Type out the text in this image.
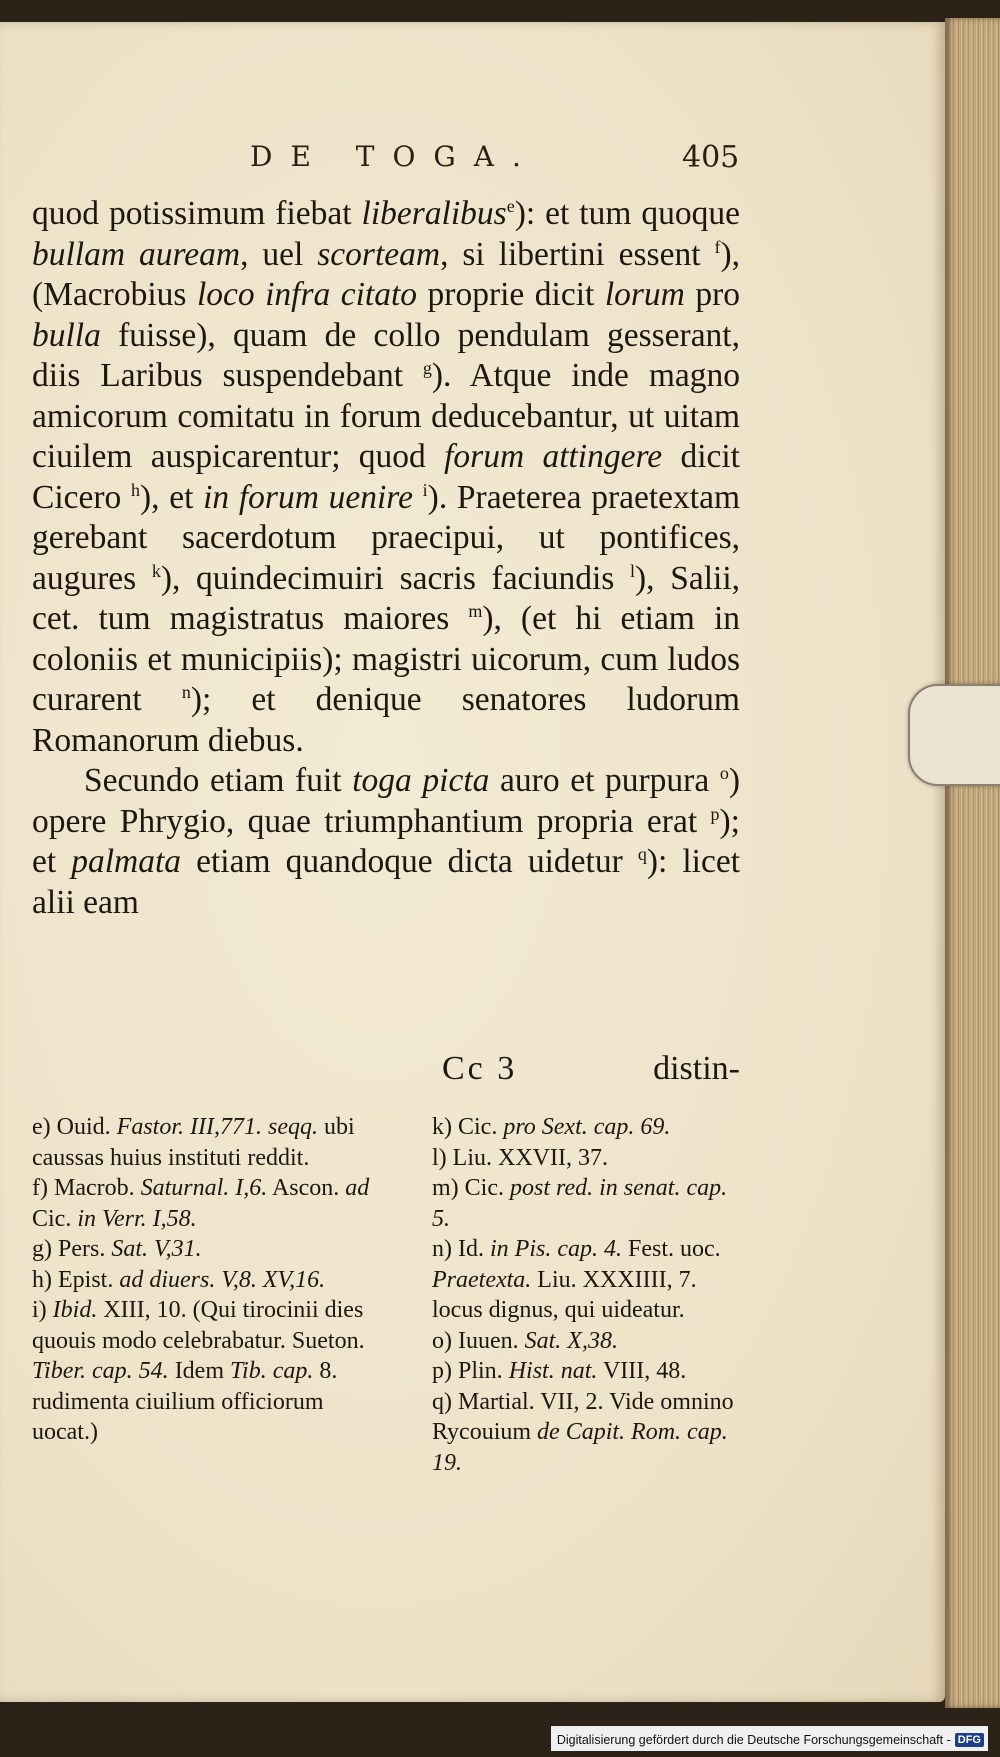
DE TOGA.	405

quod potissimum fiebat liberalibus$^e$): et tum quoque bullam auream, uel scorteam, si libertini essent $^f$), (Macrobius loco infra citato proprie dicit lorum pro bulla fuisse), quam de collo pendulam gesserant, diis Laribus suspendebant $^g$). Atque inde magno amicorum comitatu in forum deducebantur, ut uitam ciuilem auspicarentur; quod forum attingere dicit Cicero $^h$), et in forum uenire $^i$). Praeterea praetextam gerebant sacerdotum praecipui, ut pontifices, augures $^k$), quindecimuiri sacris faciundis $^l$), Salii, cet. tum magistratus maiores $^m$), (et hi etiam in coloniis et municipiis); magistri uicorum, cum ludos curarent $^n$); et denique senatores ludorum Romanorum diebus.

Secundo etiam fuit toga picta auro et purpura $^o$) opere Phrygio, quae triumphantium propria erat $^p$); et palmata etiam quandoque dicta uidetur $^q$): licet alii eam

Cc 3	distin-

e) Ouid. Fastor. III,771. seqq. ubi caussas huius instituti reddit.

f) Macrob. Saturnal. I,6. Ascon. ad Cic. in Verr. I,58.

g) Pers. Sat. V,31.

h) Epist. ad diuers. V,8. XV,16.

i) Ibid. XIII, 10. (Qui tirocinii dies quouis modo celebrabatur. Sueton. Tiber. cap. 54. Idem Tib. cap. 8. rudimenta ciuilium officiorum uocat.)

k) Cic. pro Sext. cap. 69.

l) Liu. XXVII, 37.

m) Cic. post red. in senat. cap. 5.

n) Id. in Pis. cap. 4. Fest. uoc. Praetexta. Liu. XXXIIII, 7. locus dignus, qui uideatur.

o) Iuuen. Sat. X,38.

p) Plin. Hist. nat. VIII, 48.

q) Martial. VII, 2. Vide omnino Rycouium de Capit. Rom. cap. 19.

Digitalisierung gefördert durch die Deutsche Forschungsgemeinschaft - DFG
